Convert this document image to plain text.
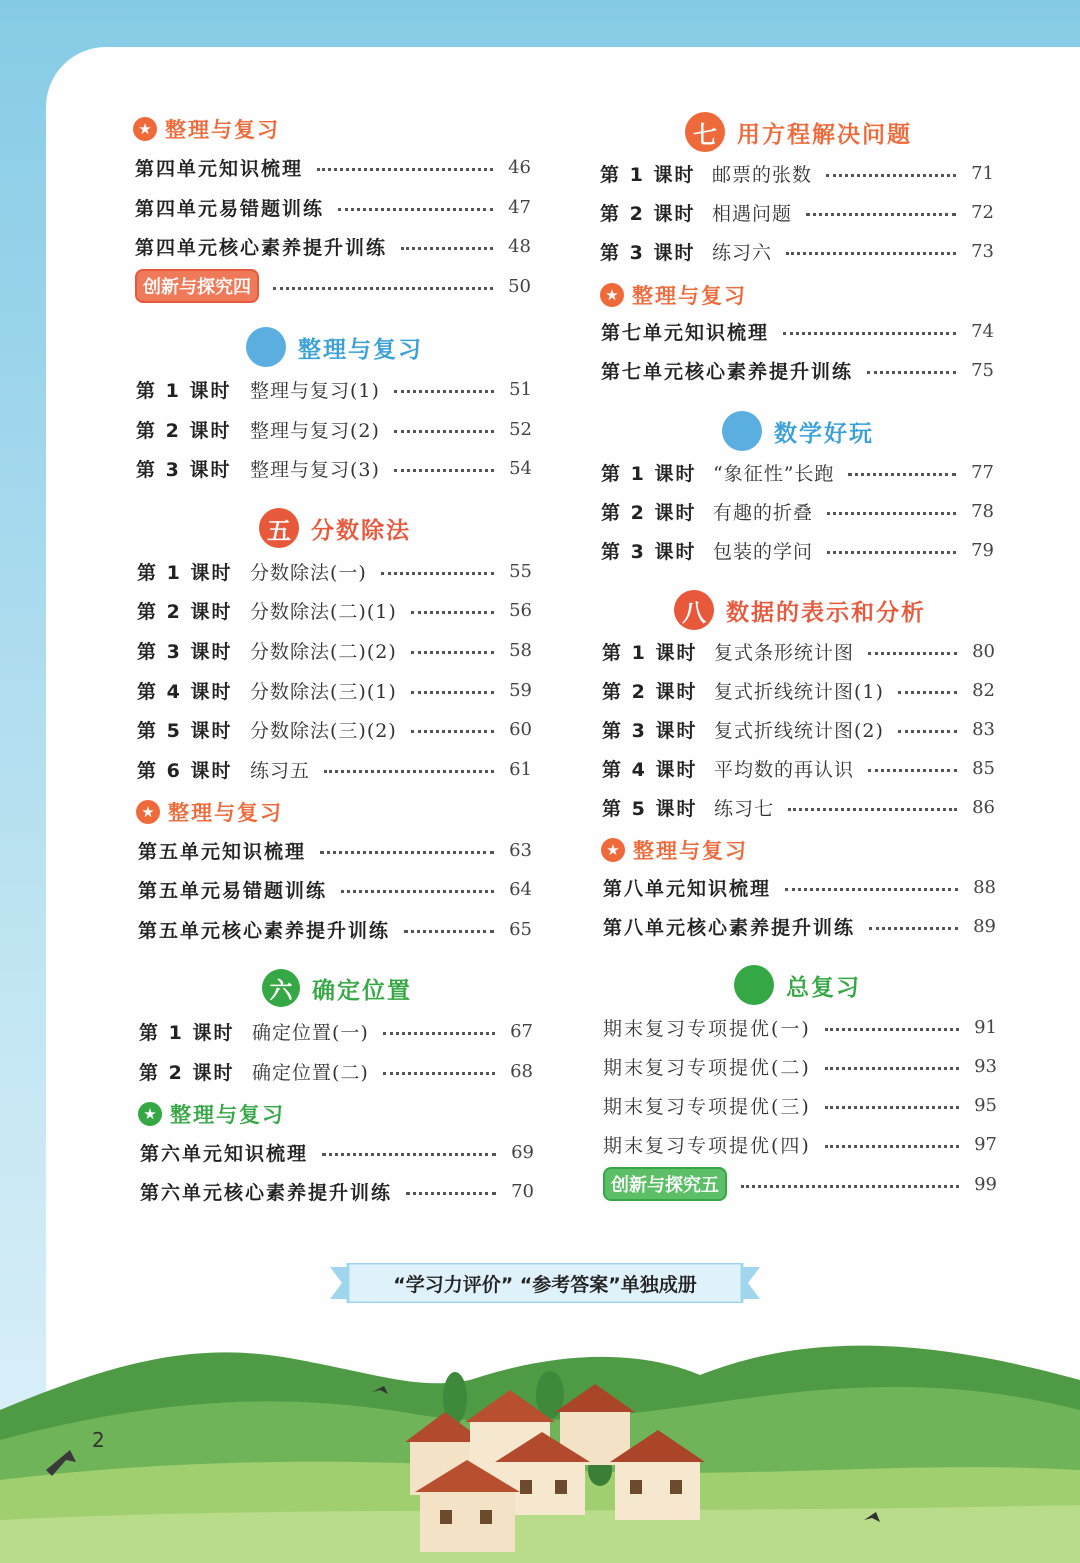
★ 整理与复习
第四单元知识梳理	46
第四单元易错题训练	47
第四单元核心素养提升训练	48
创新与探究四	50
整理与复习
第 1 课时 整理与复习(1)	51
第 2 课时 整理与复习(2)	52
第 3 课时 整理与复习(3)	54
五 分数除法
第 1 课时 分数除法(一)	55
第 2 课时 分数除法(二)(1)	56
第 3 课时 分数除法(二)(2)	58
第 4 课时 分数除法(三)(1)	59
第 5 课时 分数除法(三)(2)	60
第 6 课时 练习五	61
★ 整理与复习
第五单元知识梳理	63
第五单元易错题训练	64
第五单元核心素养提升训练	65
六 确定位置
第 1 课时 确定位置(一)	67
第 2 课时 确定位置(二)	68
★ 整理与复习
第六单元知识梳理	69
第六单元核心素养提升训练	70
七 用方程解决问题
第 1 课时 邮票的张数	71
第 2 课时 相遇问题	72
第 3 课时 练习六	73
★ 整理与复习
第七单元知识梳理	74
第七单元核心素养提升训练	75
数学好玩
第 1 课时 “象征性”长跑	77
第 2 课时 有趣的折叠	78
第 3 课时 包装的学问	79
八 数据的表示和分析
第 1 课时 复式条形统计图	80
第 2 课时 复式折线统计图(1)	82
第 3 课时 复式折线统计图(2)	83
第 4 课时 平均数的再认识	85
第 5 课时 练习七	86
★ 整理与复习
第八单元知识梳理	88
第八单元核心素养提升训练	89
总复习
期末复习专项提优(一)	91
期末复习专项提优(二)	93
期末复习专项提优(三)	95
期末复习专项提优(四)	97
创新与探究五	99
“学习力评价” “参考答案”单独成册
2
